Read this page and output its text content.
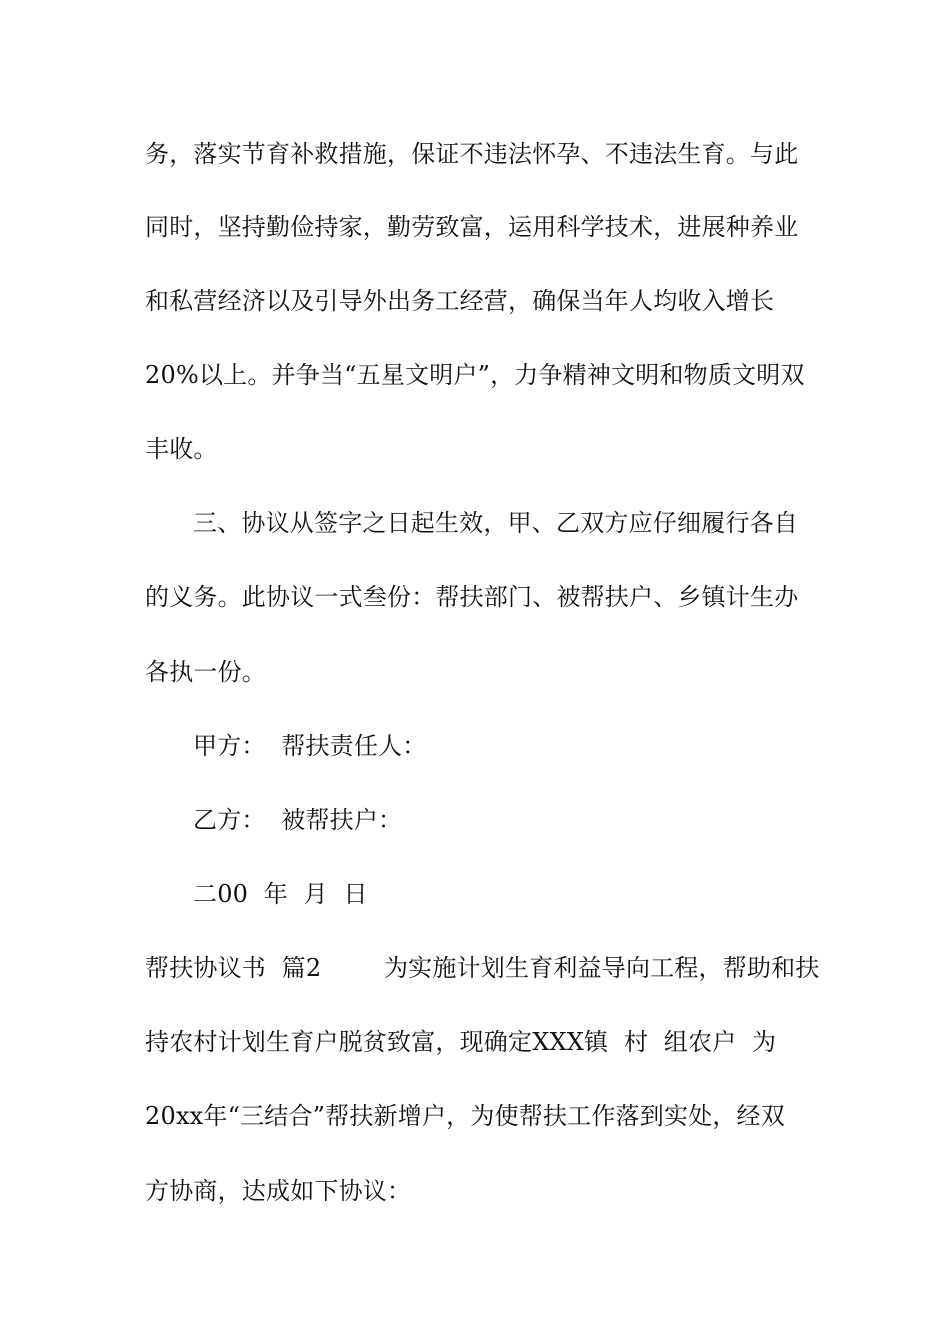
务，落实节育补救措施，保证不违法怀孕、不违法生育。与此
同时，坚持勤俭持家，勤劳致富，运用科学技术，进展种养业
和私营经济以及引导外出务工经营，确保当年人均收入增长
20%以上。并争当“五星文明户”，力争精神文明和物质文明双
丰收。
三、协议从签字之日起生效，甲、乙双方应仔细履行各自
的义务。此协议一式叁份：帮扶部门、被帮扶户、乡镇计生办
各执一份。
甲方：  帮扶责任人：
乙方：  被帮扶户：
二00  年  月  日
帮扶协议书  篇2        为实施计划生育利益导向工程，帮助和扶
持农村计划生育户脱贫致富，现确定XXX镇  村  组农户  为
20xx年“三结合”帮扶新增户，为使帮扶工作落到实处，经双
方协商，达成如下协议：
